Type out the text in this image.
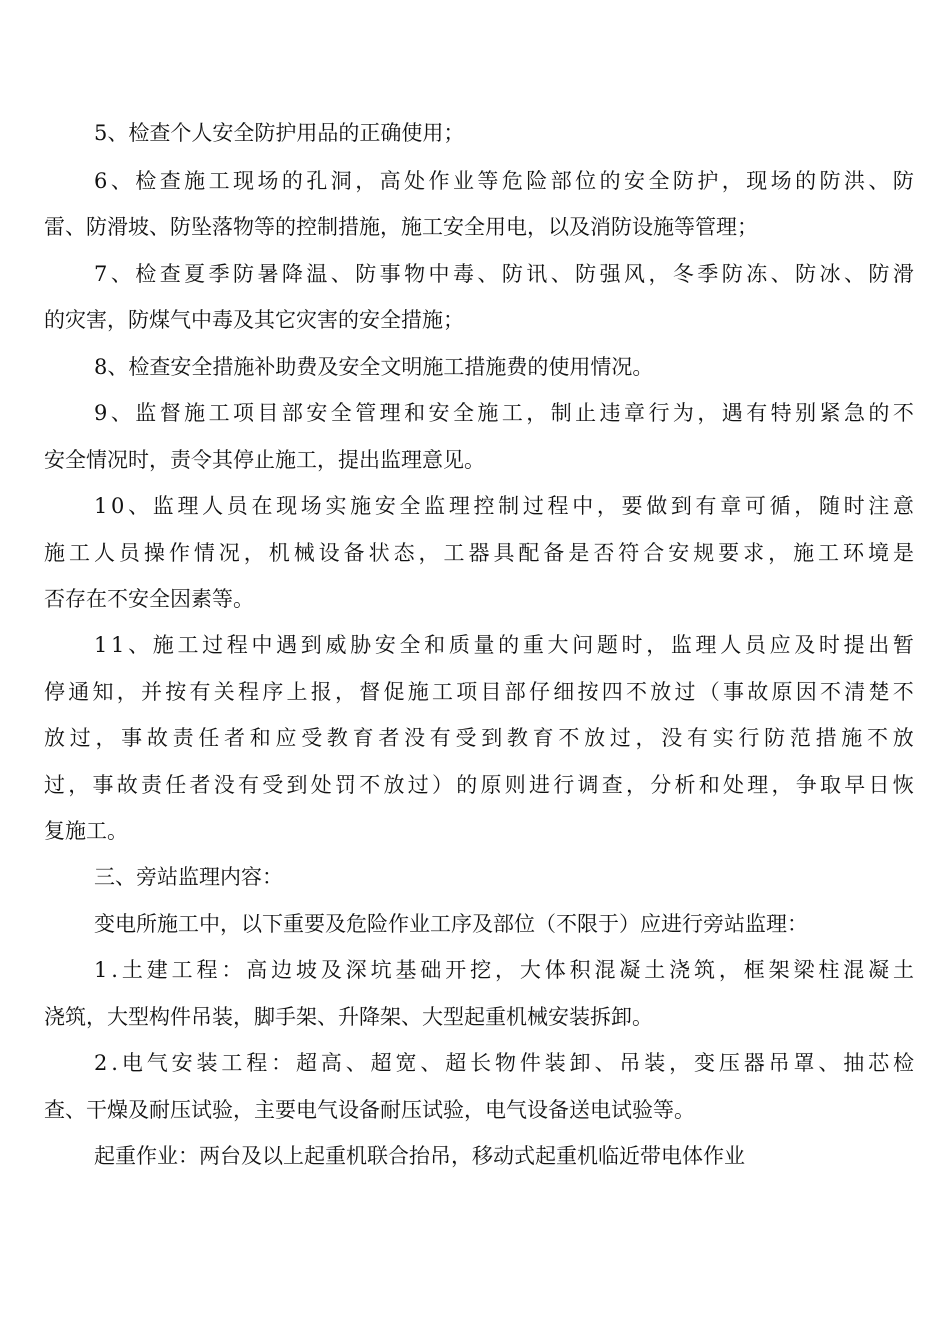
5、检查个人安全防护用品的正确使用；
6 、 检 查 施 工 现 场 的 孔 洞 ， 高 处 作 业 等 危 险 部 位 的 安 全 防 护 ， 现 场 的 防 洪 、 防
雷、防滑坡、防坠落物等的控制措施，施工安全用电，以及消防设施等管理；
7 、 检 查 夏 季 防 暑 降 温 、 防 事 物 中 毒 、 防 讯 、 防 强 风 ， 冬 季 防 冻 、 防 冰 、 防 滑
的灾害，防煤气中毒及其它灾害的安全措施；
8、检查安全措施补助费及安全文明施工措施费的使用情况。
9 、 监 督 施 工 项 目 部 安 全 管 理 和 安 全 施 工 ， 制 止 违 章 行 为 ， 遇 有 特 别 紧 急 的 不
安全情况时，责令其停止施工，提出监理意见。
1 0 、 监 理 人 员 在 现 场 实 施 安 全 监 理 控 制 过 程 中 ， 要 做 到 有 章 可 循 ， 随 时 注 意
施 工 人 员 操 作 情 况 ， 机 械 设 备 状 态 ， 工 器 具 配 备 是 否 符 合 安 规 要 求 ， 施 工 环 境 是
否存在不安全因素等。
1 1 、 施 工 过 程 中 遇 到 威 胁 安 全 和 质 量 的 重 大 问 题 时 ， 监 理 人 员 应 及 时 提 出 暂
停 通 知 ， 并 按 有 关 程 序 上 报 ， 督 促 施 工 项 目 部 仔 细 按 四 不 放 过 （ 事 故 原 因 不 清 楚 不
放 过 ， 事 故 责 任 者 和 应 受 教 育 者 没 有 受 到 教 育 不 放 过 ， 没 有 实 行 防 范 措 施 不 放
过 ， 事 故 责 任 者 没 有 受 到 处 罚 不 放 过 ） 的 原 则 进 行 调 查 ， 分 析 和 处 理 ， 争 取 早 日 恢
复施工。
三、旁站监理内容：
变电所施工中，以下重要及危险作业工序及部位（不限于）应进行旁站监理：
1 . 土 建 工 程 ： 高 边 坡 及 深 坑 基 础 开 挖 ， 大 体 积 混 凝 土 浇 筑 ， 框 架 梁 柱 混 凝 土
浇筑，大型构件吊装，脚手架、升降架、大型起重机械安装拆卸。
2 . 电 气 安 装 工 程 ： 超 高 、 超 宽 、 超 长 物 件 装 卸 、 吊 装 ， 变 压 器 吊 罩 、 抽 芯 检
查、干燥及耐压试验，主要电气设备耐压试验，电气设备送电试验等。
起重作业：两台及以上起重机联合抬吊，移动式起重机临近带电体作业
